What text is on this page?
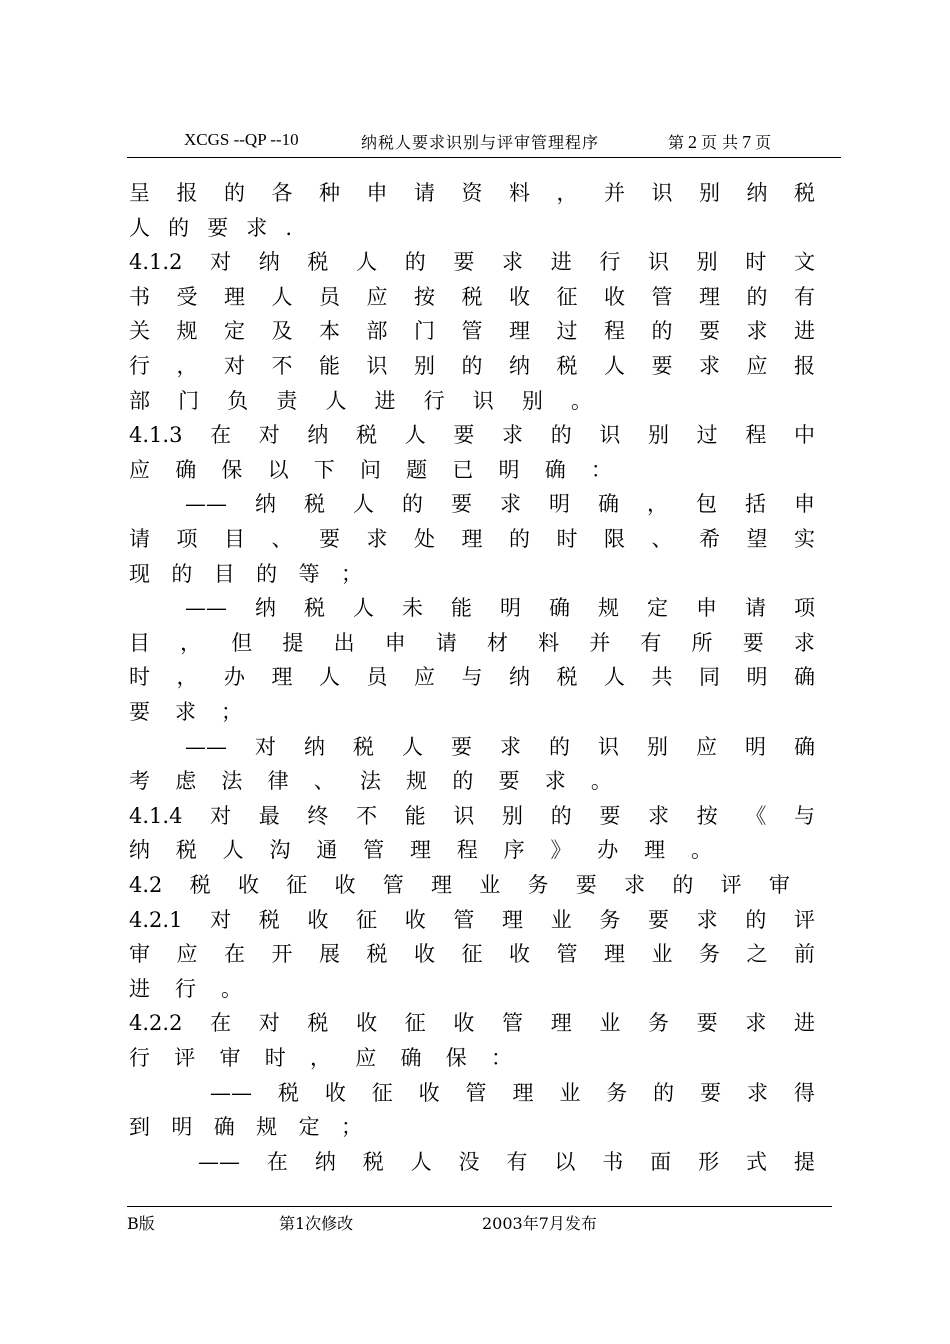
XCGS --QP --10	纳税人要求识别与评审管理程序	第 2 页 共 7 页
呈 报 的 各 种 申 请 资 料 ， 并 识 别 纳 税
人 的 要 求 .
4.1.2 对 纳 税 人 的 要 求 进 行 识 别 时 文
书 受 理 人 员 应 按 税 收 征 收 管 理 的 有
关 规 定 及 本 部 门 管 理 过 程 的 要 求 进
行 ， 对 不 能 识 别 的 纳 税 人 要 求 应 报
部 门 负 责 人 进 行 识 别 。
4.1.3 在 对 纳 税 人 要 求 的 识 别 过 程 中
应 确 保 以 下 问 题 已 明 确 ：
—— 纳 税 人 的 要 求 明 确 ， 包 括 申
请 项 目 、 要 求 处 理 的 时 限 、 希 望 实
现 的 目 的 等 ；
—— 纳 税 人 未 能 明 确 规 定 申 请 项
目 ， 但 提 出 申 请 材 料 并 有 所 要 求
时 ， 办 理 人 员 应 与 纳 税 人 共 同 明 确
要 求 ；
—— 对 纳 税 人 要 求 的 识 别 应 明 确
考 虑 法 律 、 法 规 的 要 求 。
4.1.4 对 最 终 不 能 识 别 的 要 求 按 《 与
纳 税 人 沟 通 管 理 程 序 》 办 理 。
4.2 税 收 征 收 管 理 业 务 要 求 的 评 审
4.2.1 对 税 收 征 收 管 理 业 务 要 求 的 评
审 应 在 开 展 税 收 征 收 管 理 业 务 之 前
进 行 。
4.2.2 在 对 税 收 征 收 管 理 业 务 要 求 进
行 评 审 时 ， 应 确 保 ：
—— 税 收 征 收 管 理 业 务 的 要 求 得
到 明 确 规 定 ；
—— 在 纳 税 人 没 有 以 书 面 形 式 提
B版	第1次修改	2003年7月发布
